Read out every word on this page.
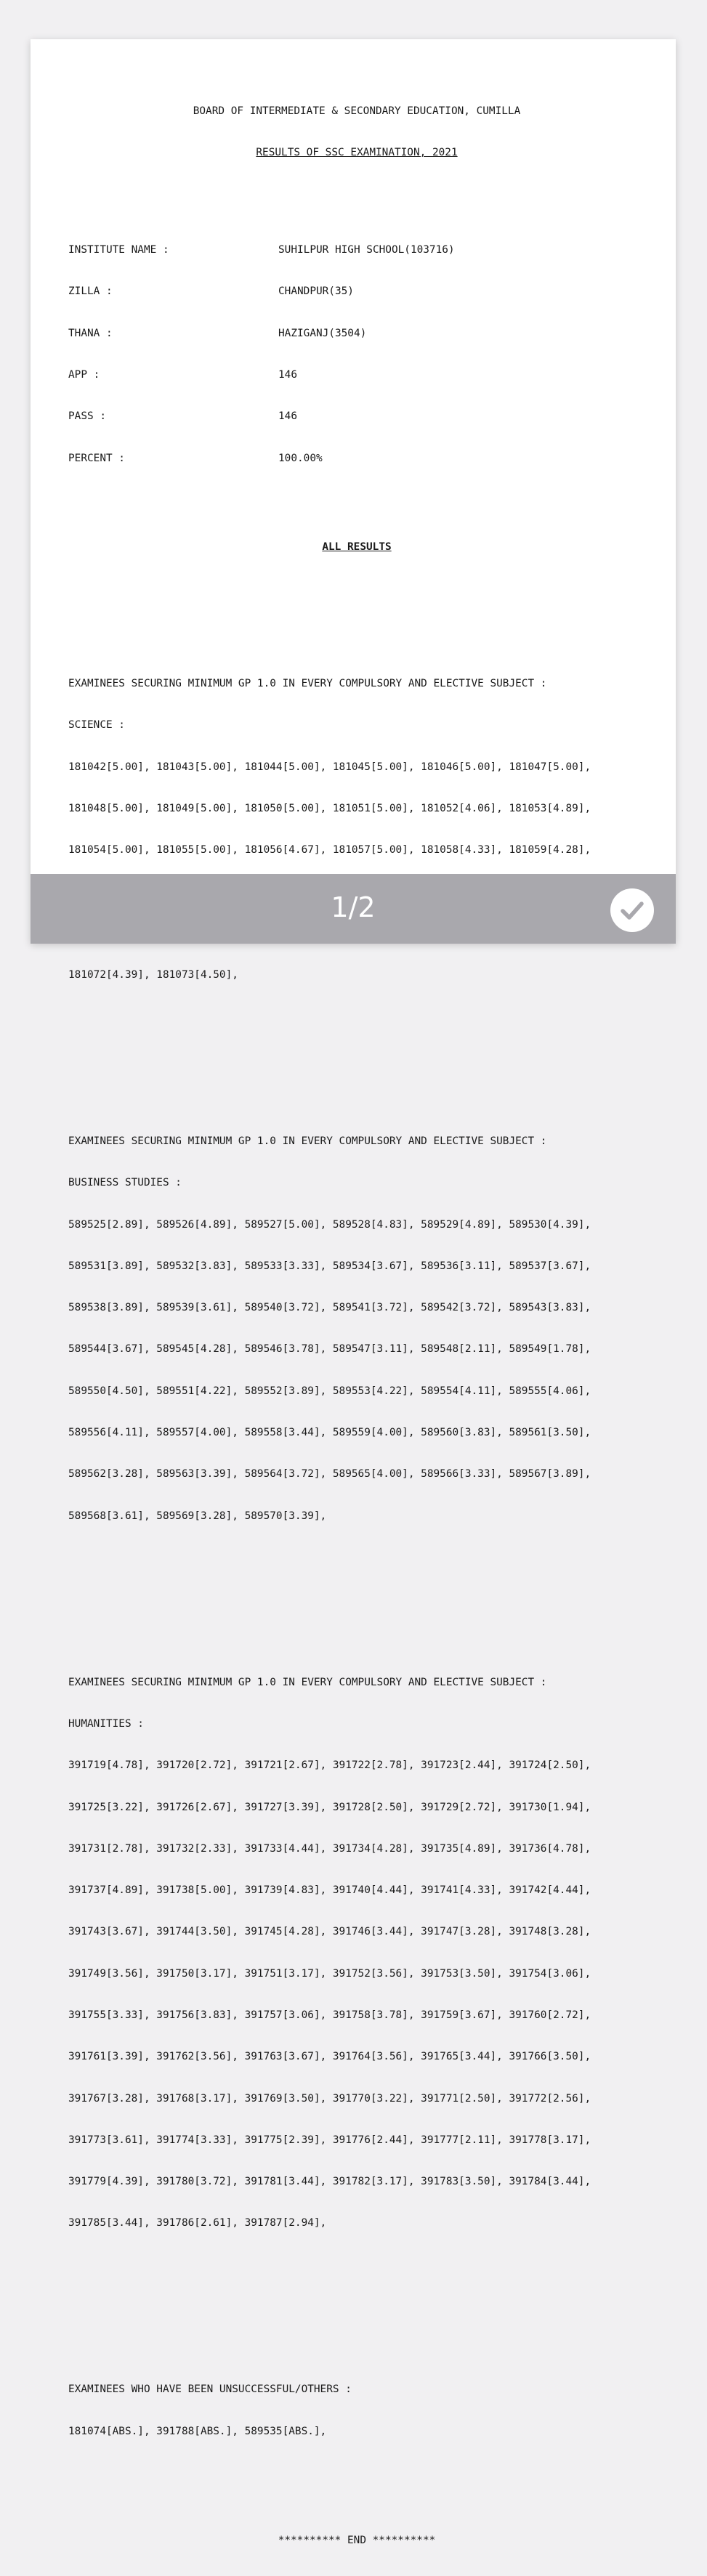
BOARD OF INTERMEDIATE & SECONDARY EDUCATION, CUMILLA

RESULTS OF SSC EXAMINATION, 2021

INSTITUTE NAME :	SUHILPUR HIGH SCHOOL(103716)

ZILLA :	CHANDPUR(35)

THANA :	HAZIGANJ(3504)

APP :	146

PASS :	146

PERCENT :	100.00%

ALL RESULTS

EXAMINEES SECURING MINIMUM GP 1.0 IN EVERY COMPULSORY AND ELECTIVE SUBJECT :

SCIENCE :

181042[5.00], 181043[5.00], 181044[5.00], 181045[5.00], 181046[5.00], 181047[5.00],

181048[5.00], 181049[5.00], 181050[5.00], 181051[5.00], 181052[4.06], 181053[4.89],

181054[5.00], 181055[5.00], 181056[4.67], 181057[5.00], 181058[4.33], 181059[4.28],

181072[4.39], 181073[4.50],

EXAMINEES SECURING MINIMUM GP 1.0 IN EVERY COMPULSORY AND ELECTIVE SUBJECT :

BUSINESS STUDIES :

589525[2.89], 589526[4.89], 589527[5.00], 589528[4.83], 589529[4.89], 589530[4.39],

589531[3.89], 589532[3.83], 589533[3.33], 589534[3.67], 589536[3.11], 589537[3.67],

589538[3.89], 589539[3.61], 589540[3.72], 589541[3.72], 589542[3.72], 589543[3.83],

589544[3.67], 589545[4.28], 589546[3.78], 589547[3.11], 589548[2.11], 589549[1.78],

589550[4.50], 589551[4.22], 589552[3.89], 589553[4.22], 589554[4.11], 589555[4.06],

589556[4.11], 589557[4.00], 589558[3.44], 589559[4.00], 589560[3.83], 589561[3.50],

589562[3.28], 589563[3.39], 589564[3.72], 589565[4.00], 589566[3.33], 589567[3.89],

589568[3.61], 589569[3.28], 589570[3.39],

EXAMINEES SECURING MINIMUM GP 1.0 IN EVERY COMPULSORY AND ELECTIVE SUBJECT :

HUMANITIES :

391719[4.78], 391720[2.72], 391721[2.67], 391722[2.78], 391723[2.44], 391724[2.50],

391725[3.22], 391726[2.67], 391727[3.39], 391728[2.50], 391729[2.72], 391730[1.94],

391731[2.78], 391732[2.33], 391733[4.44], 391734[4.28], 391735[4.89], 391736[4.78],

391737[4.89], 391738[5.00], 391739[4.83], 391740[4.44], 391741[4.33], 391742[4.44],

391743[3.67], 391744[3.50], 391745[4.28], 391746[3.44], 391747[3.28], 391748[3.28],

391749[3.56], 391750[3.17], 391751[3.17], 391752[3.56], 391753[3.50], 391754[3.06],

391755[3.33], 391756[3.83], 391757[3.06], 391758[3.78], 391759[3.67], 391760[2.72],

391761[3.39], 391762[3.56], 391763[3.67], 391764[3.56], 391765[3.44], 391766[3.50],

391767[3.28], 391768[3.17], 391769[3.50], 391770[3.22], 391771[2.50], 391772[2.56],

391773[3.61], 391774[3.33], 391775[2.39], 391776[2.44], 391777[2.11], 391778[3.17],

391779[4.39], 391780[3.72], 391781[3.44], 391782[3.17], 391783[3.50], 391784[3.44],

391785[3.44], 391786[2.61], 391787[2.94],

EXAMINEES WHO HAVE BEEN UNSUCCESSFUL/OTHERS :

181074[ABS.], 391788[ABS.], 589535[ABS.],

********** END **********

1/2
